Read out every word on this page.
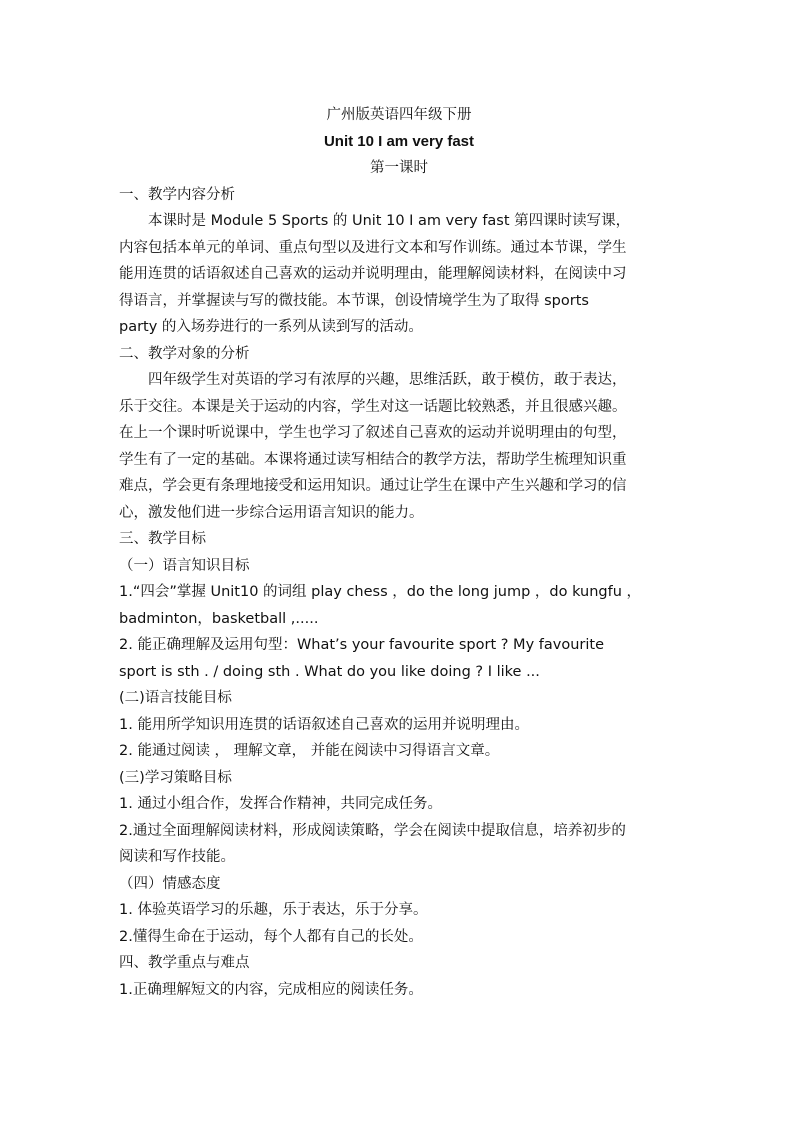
广州版英语四年级下册
Unit 10 I am very fast
第一课时
一、教学内容分析
本课时是 Module 5 Sports 的 Unit 10 I am very fast 第四课时读写课，
内容包括本单元的单词、重点句型以及进行文本和写作训练。通过本节课，学生
能用连贯的话语叙述自己喜欢的运动并说明理由，能理解阅读材料，在阅读中习
得语言，并掌握读与写的微技能。本节课，创设情境学生为了取得 sports
party 的入场券进行的一系列从读到写的活动。
二、教学对象的分析
四年级学生对英语的学习有浓厚的兴趣，思维活跃，敢于模仿，敢于表达，
乐于交往。本课是关于运动的内容，学生对这一话题比较熟悉，并且很感兴趣。
在上一个课时听说课中，学生也学习了叙述自己喜欢的运动并说明理由的句型，
学生有了一定的基础。本课将通过读写相结合的教学方法，帮助学生梳理知识重
难点，学会更有条理地接受和运用知识。通过让学生在课中产生兴趣和学习的信
心，激发他们进一步综合运用语言知识的能力。
三、教学目标
（一）语言知识目标
1.“四会”掌握 Unit10 的词组 play chess ，do the long jump ，do kungfu ，
badminton，basketball ,.....
2. 能正确理解及运用句型：What’s your favourite sport ? My favourite
sport is sth . / doing sth . What do you like doing ? I like ...
(二)语言技能目标
1. 能用所学知识用连贯的话语叙述自己喜欢的运用并说明理由。
2. 能通过阅读 ， 理解文章， 并能在阅读中习得语言文章。
(三)学习策略目标
1. 通过小组合作，发挥合作精神，共同完成任务。
2.通过全面理解阅读材料，形成阅读策略，学会在阅读中提取信息，培养初步的
阅读和写作技能。
（四）情感态度
1. 体验英语学习的乐趣，乐于表达，乐于分享。
2.懂得生命在于运动，每个人都有自己的长处。
四、教学重点与难点
1.正确理解短文的内容，完成相应的阅读任务。
